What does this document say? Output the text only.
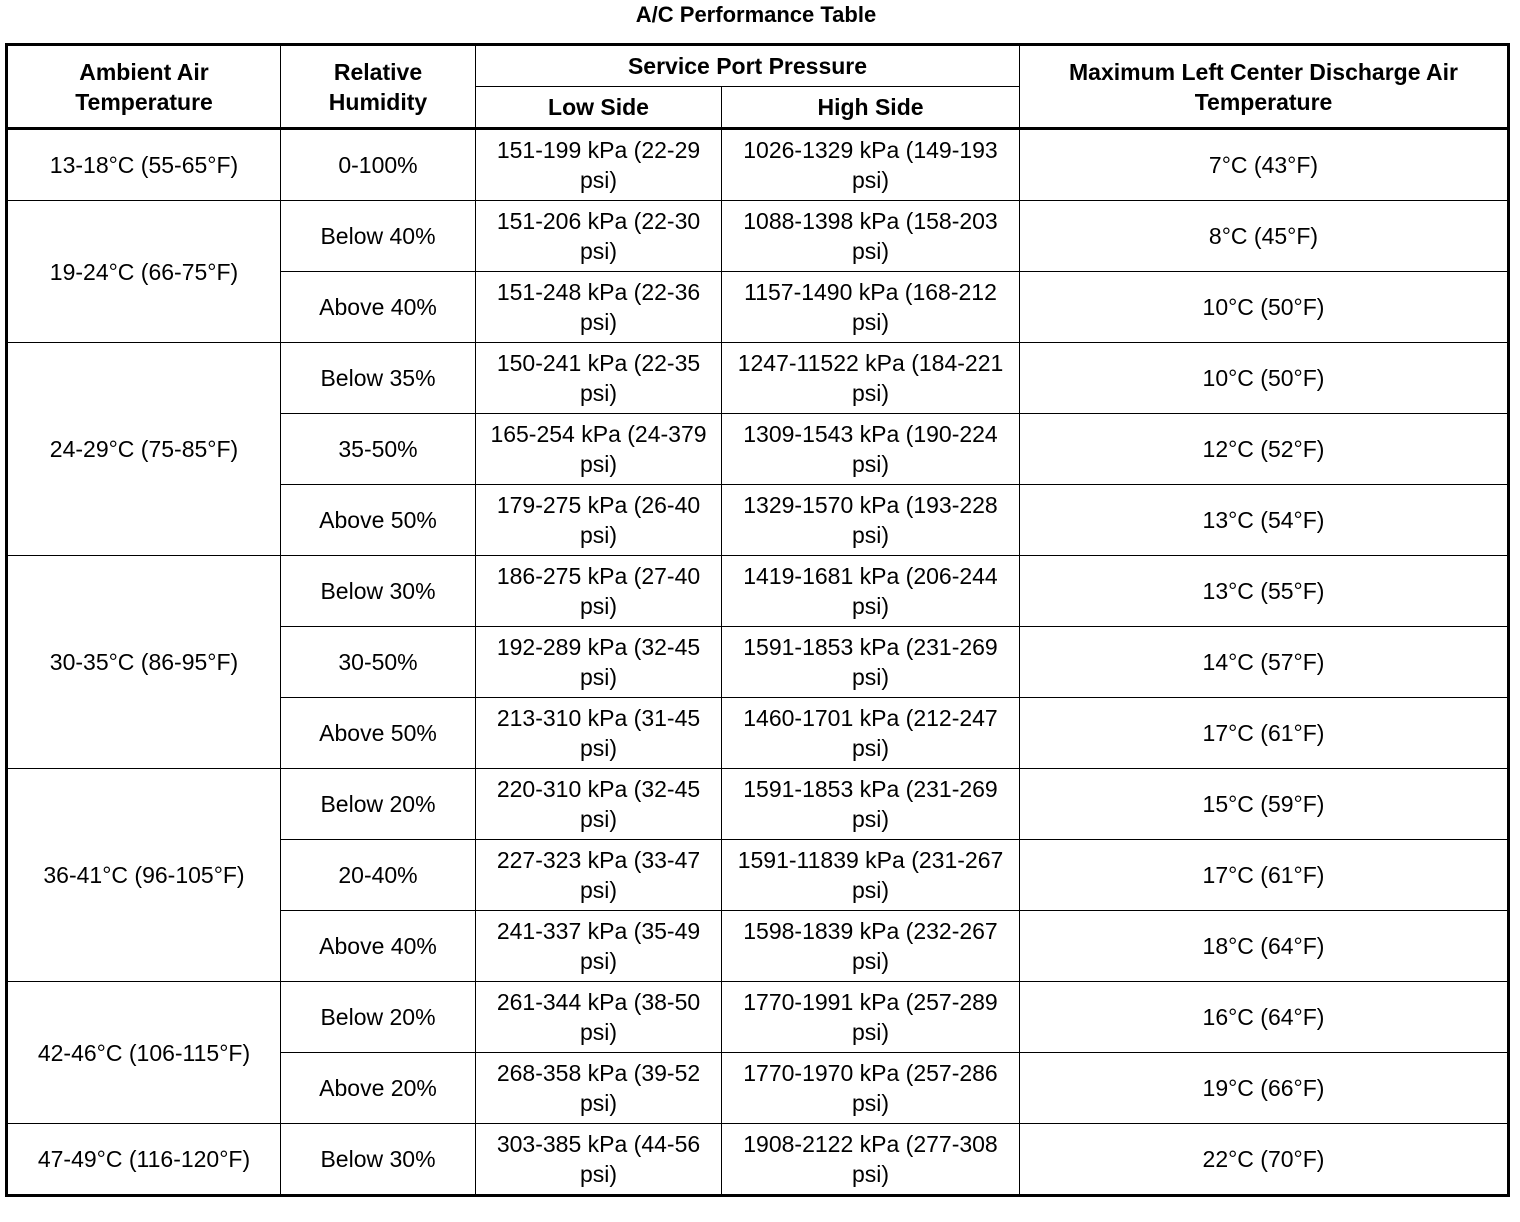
A/C Performance Table
Ambient Air Temperature	Relative Humidity	Service Port Pressure		Maximum Left Center Discharge Air Temperature
		Low Side	High Side	
13-18°C (55-65°F)	0-100%	151-199 kPa (22-29 psi)	1026-1329 kPa (149-193 psi)	7°C (43°F)
19-24°C (66-75°F)	Below 40%	151-206 kPa (22-30 psi)	1088-1398 kPa (158-203 psi)	8°C (45°F)
	Above 40%	151-248 kPa (22-36 psi)	1157-1490 kPa (168-212 psi)	10°C (50°F)
24-29°C (75-85°F)	Below 35%	150-241 kPa (22-35 psi)	1247-11522 kPa (184-221 psi)	10°C (50°F)
	35-50%	165-254 kPa (24-379 psi)	1309-1543 kPa (190-224 psi)	12°C (52°F)
	Above 50%	179-275 kPa (26-40 psi)	1329-1570 kPa (193-228 psi)	13°C (54°F)
30-35°C (86-95°F)	Below 30%	186-275 kPa (27-40 psi)	1419-1681 kPa (206-244 psi)	13°C (55°F)
	30-50%	192-289 kPa (32-45 psi)	1591-1853 kPa (231-269 psi)	14°C (57°F)
	Above 50%	213-310 kPa (31-45 psi)	1460-1701 kPa (212-247 psi)	17°C (61°F)
36-41°C (96-105°F)	Below 20%	220-310 kPa (32-45 psi)	1591-1853 kPa (231-269 psi)	15°C (59°F)
	20-40%	227-323 kPa (33-47 psi)	1591-11839 kPa (231-267 psi)	17°C (61°F)
	Above 40%	241-337 kPa (35-49 psi)	1598-1839 kPa (232-267 psi)	18°C (64°F)
42-46°C (106-115°F)	Below 20%	261-344 kPa (38-50 psi)	1770-1991 kPa (257-289 psi)	16°C (64°F)
	Above 20%	268-358 kPa (39-52 psi)	1770-1970 kPa (257-286 psi)	19°C (66°F)
47-49°C (116-120°F)	Below 30%	303-385 kPa (44-56 psi)	1908-2122 kPa (277-308 psi)	22°C (70°F)
